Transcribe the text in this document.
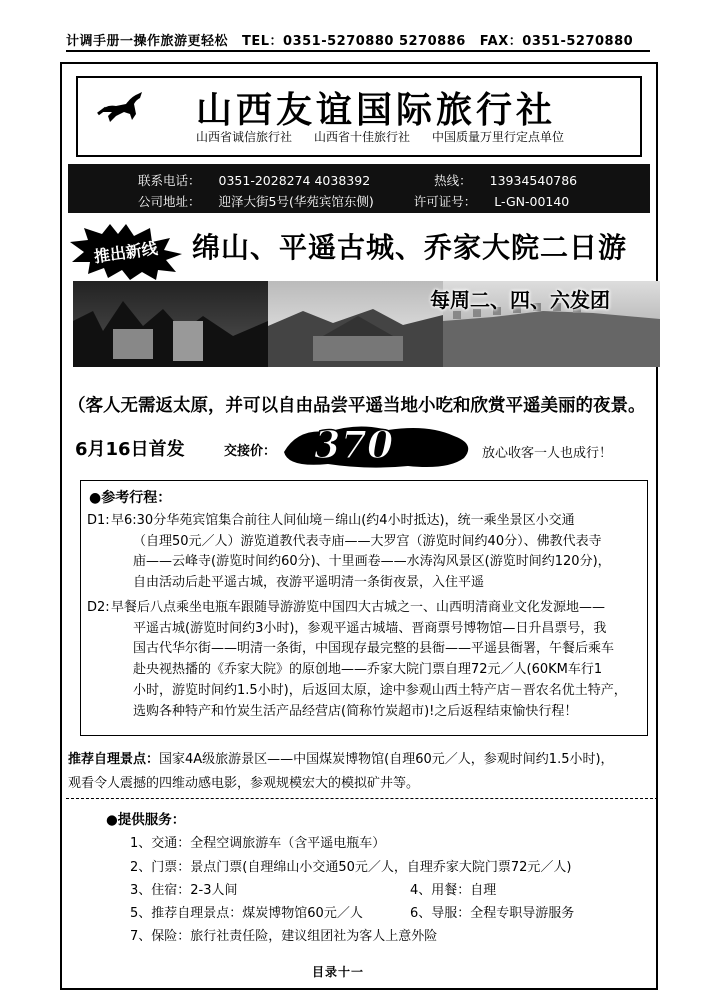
计调手册一操作旅游更轻松 TEL：0351-5270880 5270886 FAX：0351-5270880
山西友谊国际旅行社
山西省诚信旅行社 山西省十佳旅行社 中国质量万里行定点单位
联系电话： 0351-2028274 4038392	热线： 13934540786
公司地址： 迎泽大街5号(华苑宾馆东侧)	许可证号： L-GN-00140
推出新线 绵山、平遥古城、乔家大院二日游
每周二、四、六发团
（客人无需返太原，并可以自由品尝平遥当地小吃和欣赏平遥美丽的夜景。
6月16日首发	交接价： 370 元／人 放心收客一人也成行！
●参考行程：
D1: 早6:30分华苑宾馆集合前往人间仙境－绵山(约4小时抵达)，统一乘坐景区小交通
（自理50元／人）游览道教代表寺庙——大罗宫（游览时间约40分）、佛教代表寺
庙——云峰寺(游览时间约60分)、十里画卷——水涛沟风景区(游览时间约120分)，
自由活动后赴平遥古城，夜游平遥明清一条街夜景，入住平遥
D2: 早餐后八点乘坐电瓶车跟随导游游览中国四大古城之一、山西明清商业文化发源地——
平遥古城(游览时间约3小时)，参观平遥古城墙、晋商票号博物馆—日升昌票号，我
国古代华尔街——明清一条街，中国现存最完整的县衙——平遥县衙署，午餐后乘车
赴央视热播的《乔家大院》的原创地——乔家大院门票自理72元／人(60KM车行1
小时，游览时间约1.5小时)，后返回太原，途中参观山西土特产店－晋农名优土特产，
选购各种特产和竹炭生活产品经营店(简称竹炭超市)!之后返程结束愉快行程！
推荐自理景点：国家4A级旅游景区——中国煤炭博物馆(自理60元／人，参观时间约1.5小时)，
观看令人震撼的四维动感电影，参观规模宏大的模拟矿井等。
●提供服务：
1、交通：全程空调旅游车（含平遥电瓶车）
2、门票：景点门票(自理绵山小交通50元／人，自理乔家大院门票72元／人)
3、住宿：2-3人间	4、用餐：自理
5、推荐自理景点：煤炭博物馆60元／人	6、导服：全程专职导游服务
7、保险：旅行社责任险，建议组团社为客人上意外险
目录十一
